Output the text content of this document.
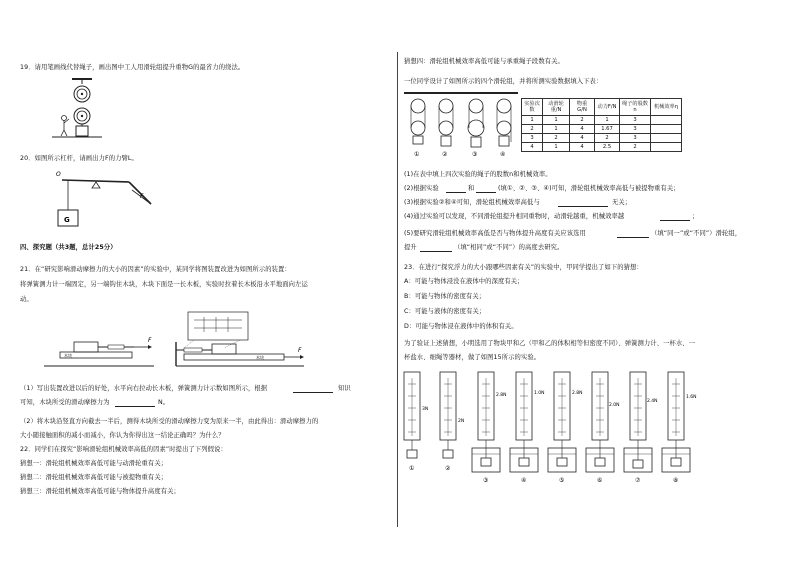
19．请用笔画线代替绳子，画出图中工人用滑轮组提升重物G的最省力的绕法。
20．如图所示杠杆，请画出力F的力臂L。
O
G
F
四、探究题（共3题，总计25分）
21．在“研究影响滑动摩擦力的大小的因素”的实验中，某同学将图装置改进为如图所示的装置：
将弹簧测力计一端固定，另一端钩住木块，木块下面是一长木板，实验时拉着长木板沿水平地面向左运
动。
F
木块	木块
F
（1）写出装置改进以后的好处，水平向右拉动长木板，弹簧测力计示数如图所示，根据	知识
可知，木块所受的滑动摩擦力为	N。
（2）将木块沿竖直方向截去一半后，测得木块所受的滑动摩擦力变为原来一半，由此得出：滑动摩擦力的
大小随接触面积的减小而减小，你认为你得出这一结论正确吗？为什么？
22．同学们在探究“影响滑轮组机械效率高低的因素”时提出了下列假说：
猜想一：滑轮组机械效率高低可能与动滑轮重有关；
猜想二：滑轮组机械效率高低可能与被提物重有关；
猜想三：滑轮组机械效率高低可能与物体提升高度有关；
猜想四：滑轮组机械效率高低可能与承重绳子段数有关。
一位同学设计了如图所示的四个滑轮组，并将所测实验数据填入下表：
①	②	③	④
实验次数	动滑轮重/N	物重G/N	动力F/N	绳子的股数n	机械效率η
1	1	2	1	3	
2	1	4	1.67	3	
3	2	4	2	3	
4	1	4	2.5	2	
(1)在表中填上四次实验的绳子的股数n和机械效率。
(2)根据实验	和	(填①、②、③、④)可知，滑轮组机械效率高低与被提物重有关；
(3)根据实验②和④可知，滑轮组机械效率高低与	无关；
(4)通过实验可以发现，不同滑轮组提升相同重物时，动滑轮越重，机械效率越	；
(5)要研究滑轮组机械效率高低是否与物体提升高度有关应该选用	（填“同一”或“不同”）滑轮组，
提升	（填“相同”或“不同”）的高度去研究。
23．在进行“探究浮力的大小跟哪些因素有关”的实验中，甲同学提出了如下的猜想：
A：可能与物体浸没在液体中的深度有关；
B：可能与物体的密度有关；
C：可能与液体的密度有关；
D：可能与物体浸在液体中的体积有关。
为了验证上述猜想，小明选用了物块甲和乙（甲和乙的体积相等但密度不同）、弹簧测力计、一杯水、一
杯盐水、细绳等器材，做了如图15所示的实验。
3N
①
2N
②
2.8N
③
1.0N
④
2.8N
⑤
2.0N
⑥
2.4N
⑦
1.6N
⑧
